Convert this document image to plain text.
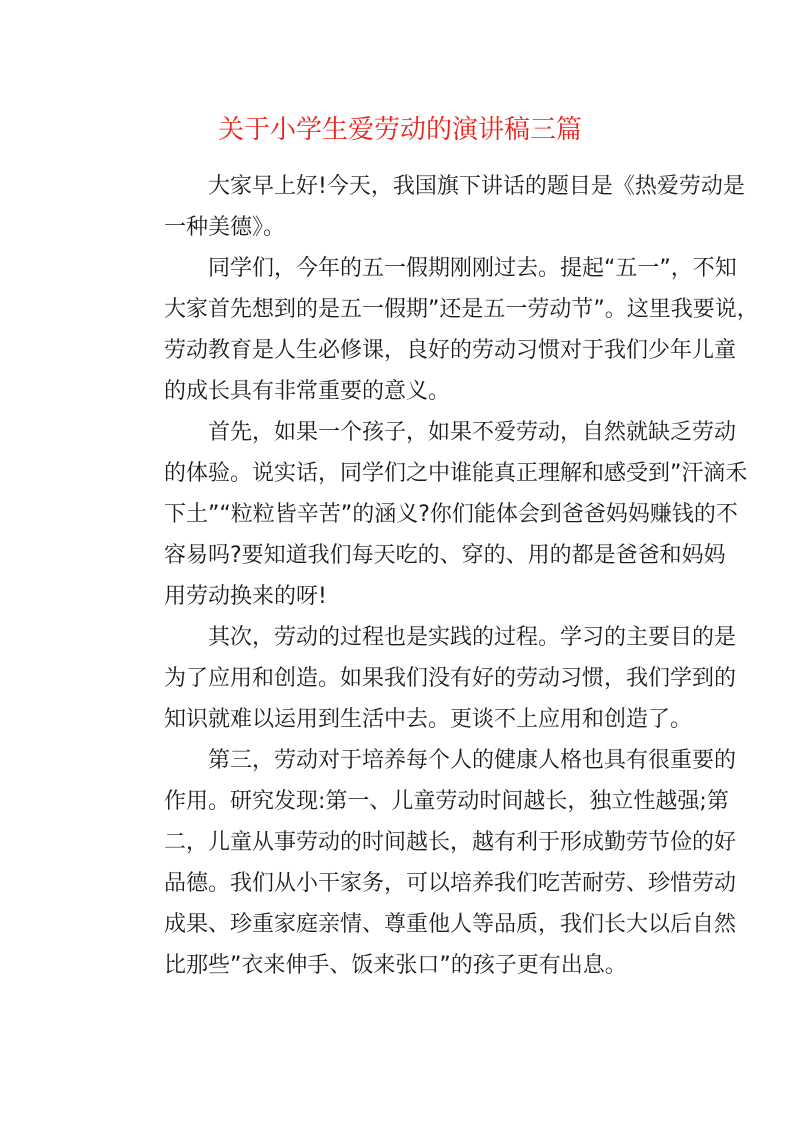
关于小学生爱劳动的演讲稿三篇

大家早上好!今天，我国旗下讲话的题目是《热爱劳动是
一种美德》。

同学们，今年的五一假期刚刚过去。提起“五一”，不知
大家首先想到的是五一假期”还是五一劳动节”。这里我要说，
劳动教育是人生必修课，良好的劳动习惯对于我们少年儿童
的成长具有非常重要的意义。

首先，如果一个孩子，如果不爱劳动，自然就缺乏劳动
的体验。说实话，同学们之中谁能真正理解和感受到”汗滴禾
下土”“粒粒皆辛苦”的涵义?你们能体会到爸爸妈妈赚钱的不
容易吗?要知道我们每天吃的、穿的、用的都是爸爸和妈妈
用劳动换来的呀!

其次，劳动的过程也是实践的过程。学习的主要目的是
为了应用和创造。如果我们没有好的劳动习惯，我们学到的
知识就难以运用到生活中去。更谈不上应用和创造了。

第三，劳动对于培养每个人的健康人格也具有很重要的
作用。研究发现:第一、儿童劳动时间越长，独立性越强;第
二，儿童从事劳动的时间越长，越有利于形成勤劳节俭的好
品德。我们从小干家务，可以培养我们吃苦耐劳、珍惜劳动
成果、珍重家庭亲情、尊重他人等品质，我们长大以后自然
比那些”衣来伸手、饭来张口”的孩子更有出息。
